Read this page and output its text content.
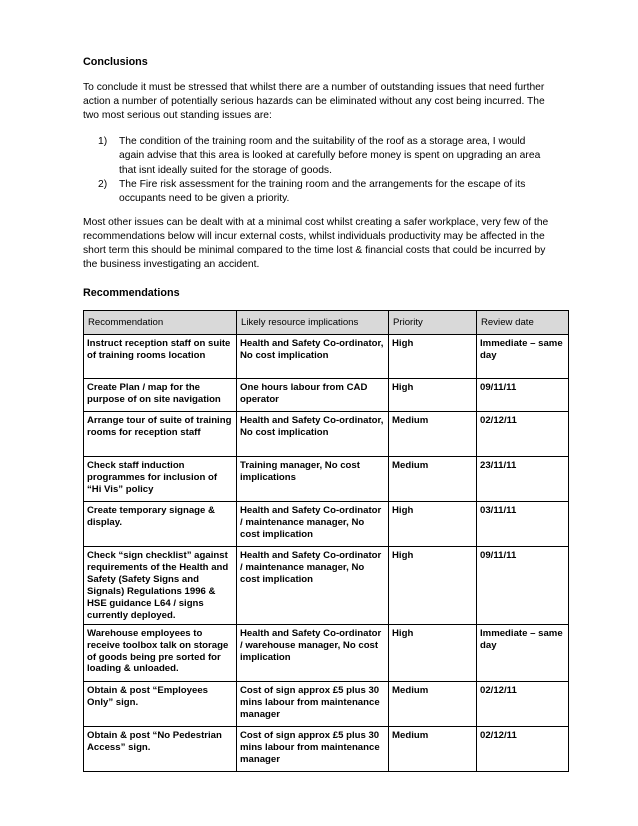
Conclusions

To conclude it must be stressed that whilst there are a number of outstanding issues that need further action a number of potentially serious hazards can be eliminated without any cost being incurred. The two most serious out standing issues are:

1) The condition of the training room and the suitability of the roof as a storage area, I would again advise that this area is looked at carefully before money is spent on upgrading an area that isnt ideally suited for the storage of goods.
2) The Fire risk assessment for the training room and the arrangements for the escape of its occupants need to be given a priority.

Most other issues can be dealt with at a minimal cost whilst creating a safer workplace, very few of the recommendations below will incur external costs, whilst individuals productivity may be affected in the short term this should be minimal compared to the time lost & financial costs that could be incurred by the business investigating an accident.

Recommendations
Recommendation	Likely resource implications	Priority	Review date
Instruct reception staff on suite of training rooms location	Health and Safety Co-ordinator, No cost implication	High	Immediate – same day
Create Plan / map for the purpose of on site navigation	One hours labour from CAD operator	High	09/11/11
Arrange tour of suite of training rooms for reception staff	Health and Safety Co-ordinator, No cost implication	Medium	02/12/11
Check staff induction programmes for inclusion of “Hi Vis” policy	Training manager, No cost implications	Medium	23/11/11
Create temporary signage & display.	Health and Safety Co-ordinator / maintenance manager, No cost implication	High	03/11/11
Check “sign checklist” against requirements of the Health and Safety (Safety Signs and Signals) Regulations 1996 & HSE guidance L64 / signs currently deployed.	Health and Safety Co-ordinator / maintenance manager, No cost implication	High	09/11/11
Warehouse employees to receive toolbox talk on storage of goods being pre sorted for loading & unloaded.	Health and Safety Co-ordinator / warehouse manager, No cost implication	High	Immediate – same day
Obtain & post “Employees Only” sign.	Cost of sign approx £5 plus 30 mins labour from maintenance manager	Medium	02/12/11
Obtain & post “No Pedestrian Access” sign.	Cost of sign approx £5 plus 30 mins labour from maintenance manager	Medium	02/12/11
